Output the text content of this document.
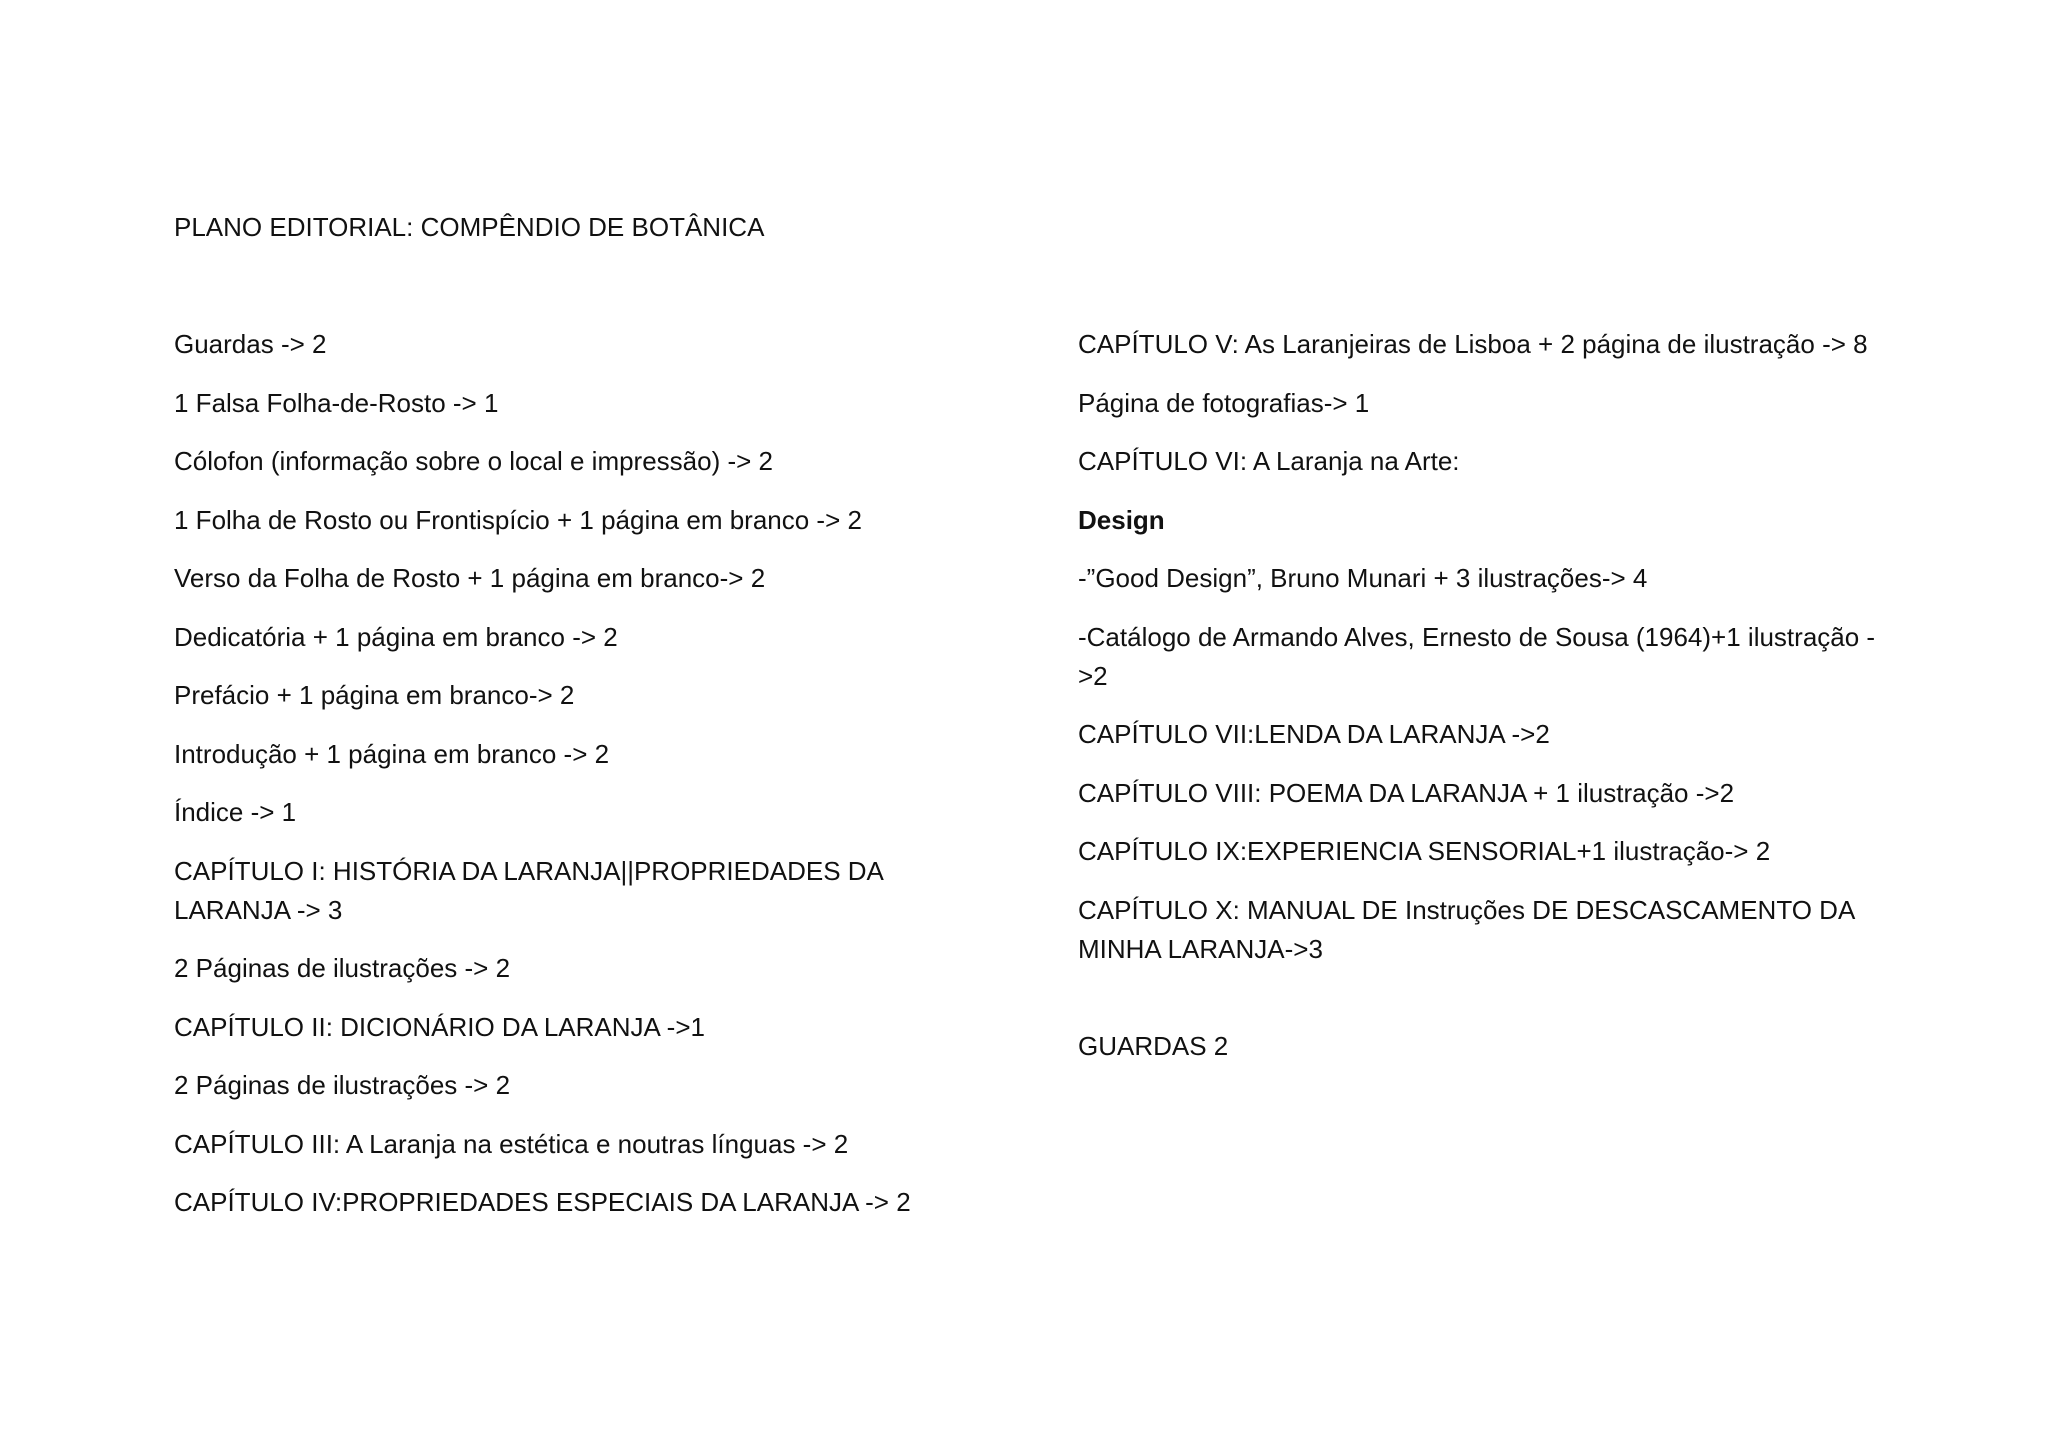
PLANO EDITORIAL: COMPÊNDIO DE BOTÂNICA

Guardas -> 2

1 Falsa Folha-de-Rosto -> 1

Cólofon (informação sobre o local e impressão) -> 2

1 Folha de Rosto ou Frontispício + 1 página em branco -> 2

Verso da Folha de Rosto + 1 página em branco-> 2

Dedicatória + 1 página em branco -> 2

Prefácio + 1 página em branco-> 2

Introdução + 1 página em branco -> 2

Índice -> 1

CAPÍTULO I: HISTÓRIA DA LARANJA||PROPRIEDADES DA LARANJA -> 3

2 Páginas de ilustrações -> 2

CAPÍTULO II: DICIONÁRIO DA LARANJA ->1

2 Páginas de ilustrações -> 2

CAPÍTULO III: A Laranja na estética e noutras línguas -> 2

CAPÍTULO IV:PROPRIEDADES ESPECIAIS DA LARANJA -> 2

CAPÍTULO V: As Laranjeiras de Lisboa + 2 página de ilustração -> 8

Página de fotografias-> 1

CAPÍTULO VI: A Laranja na Arte:

Design

-”Good Design”, Bruno Munari + 3 ilustrações-> 4

-Catálogo de Armando Alves, Ernesto de Sousa (1964)+1 ilustração ->2

CAPÍTULO VII:LENDA DA LARANJA ->2

CAPÍTULO VIII: POEMA DA LARANJA + 1 ilustração ->2

CAPÍTULO IX:EXPERIENCIA SENSORIAL+1 ilustração-> 2

CAPÍTULO X: MANUAL DE Instruções DE DESCASCAMENTO DA MINHA LARANJA->3

GUARDAS 2
